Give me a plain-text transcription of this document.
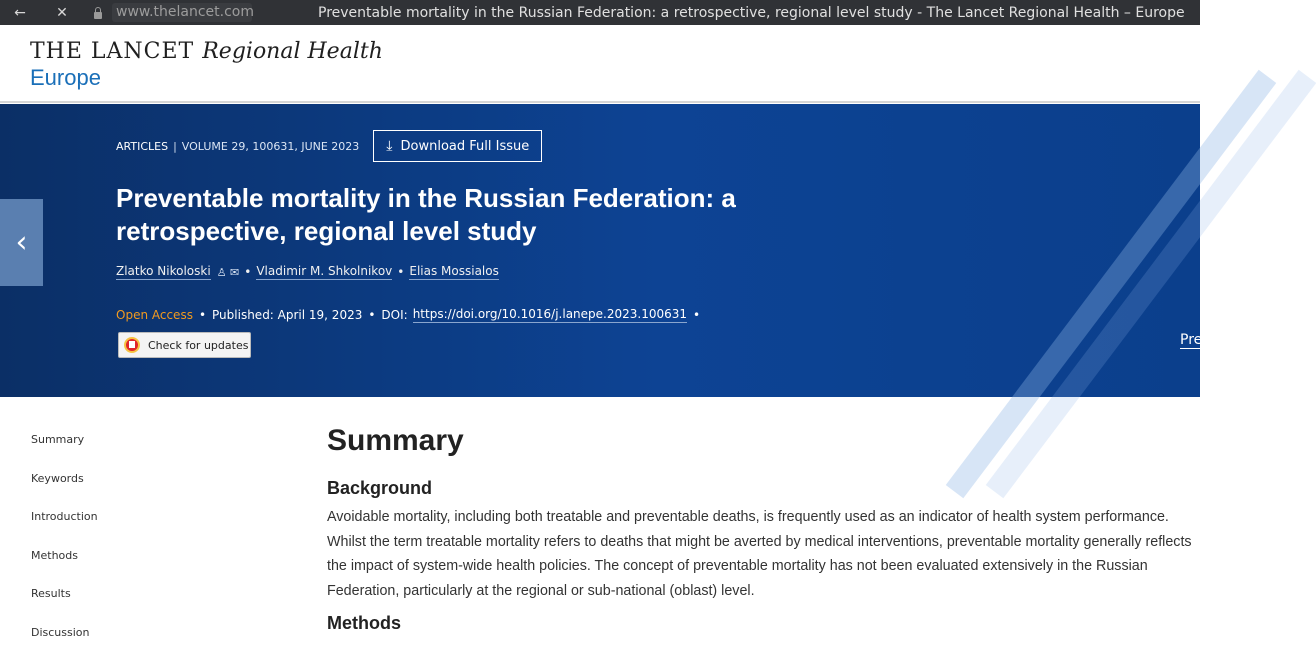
← ✕	www.thelancet.com	Preventable mortality in the Russian Federation: a retrospective, regional level study - The Lancet Regional Health – Europe
THE LANCET Regional Health
Europe
‹
ARTICLES | VOLUME 29, 100631, JUNE 2023 ⤓ Download Full Issue
Preventable mortality in the Russian Federation: a retrospective, regional level study
Zlatko Nikoloski ♙ ✉ • Vladimir M. Shkolnikov • Elias Mossialos
Open Access • Published: April 19, 2023 • DOI: https://doi.org/10.1016/j.lanepe.2023.100631 •
Check for updates	Pre
Summary
Keywords
Introduction
Methods
Results
Discussion
Summary
Background

Avoidable mortality, including both treatable and preventable deaths, is frequently used as an indicator of health system performance. Whilst the term treatable mortality refers to deaths that might be averted by medical interventions, preventable mortality generally reflects the impact of system-wide health policies. The concept of preventable mortality has not been evaluated extensively in the Russian Federation, particularly at the regional or sub-national (oblast) level.

Methods
